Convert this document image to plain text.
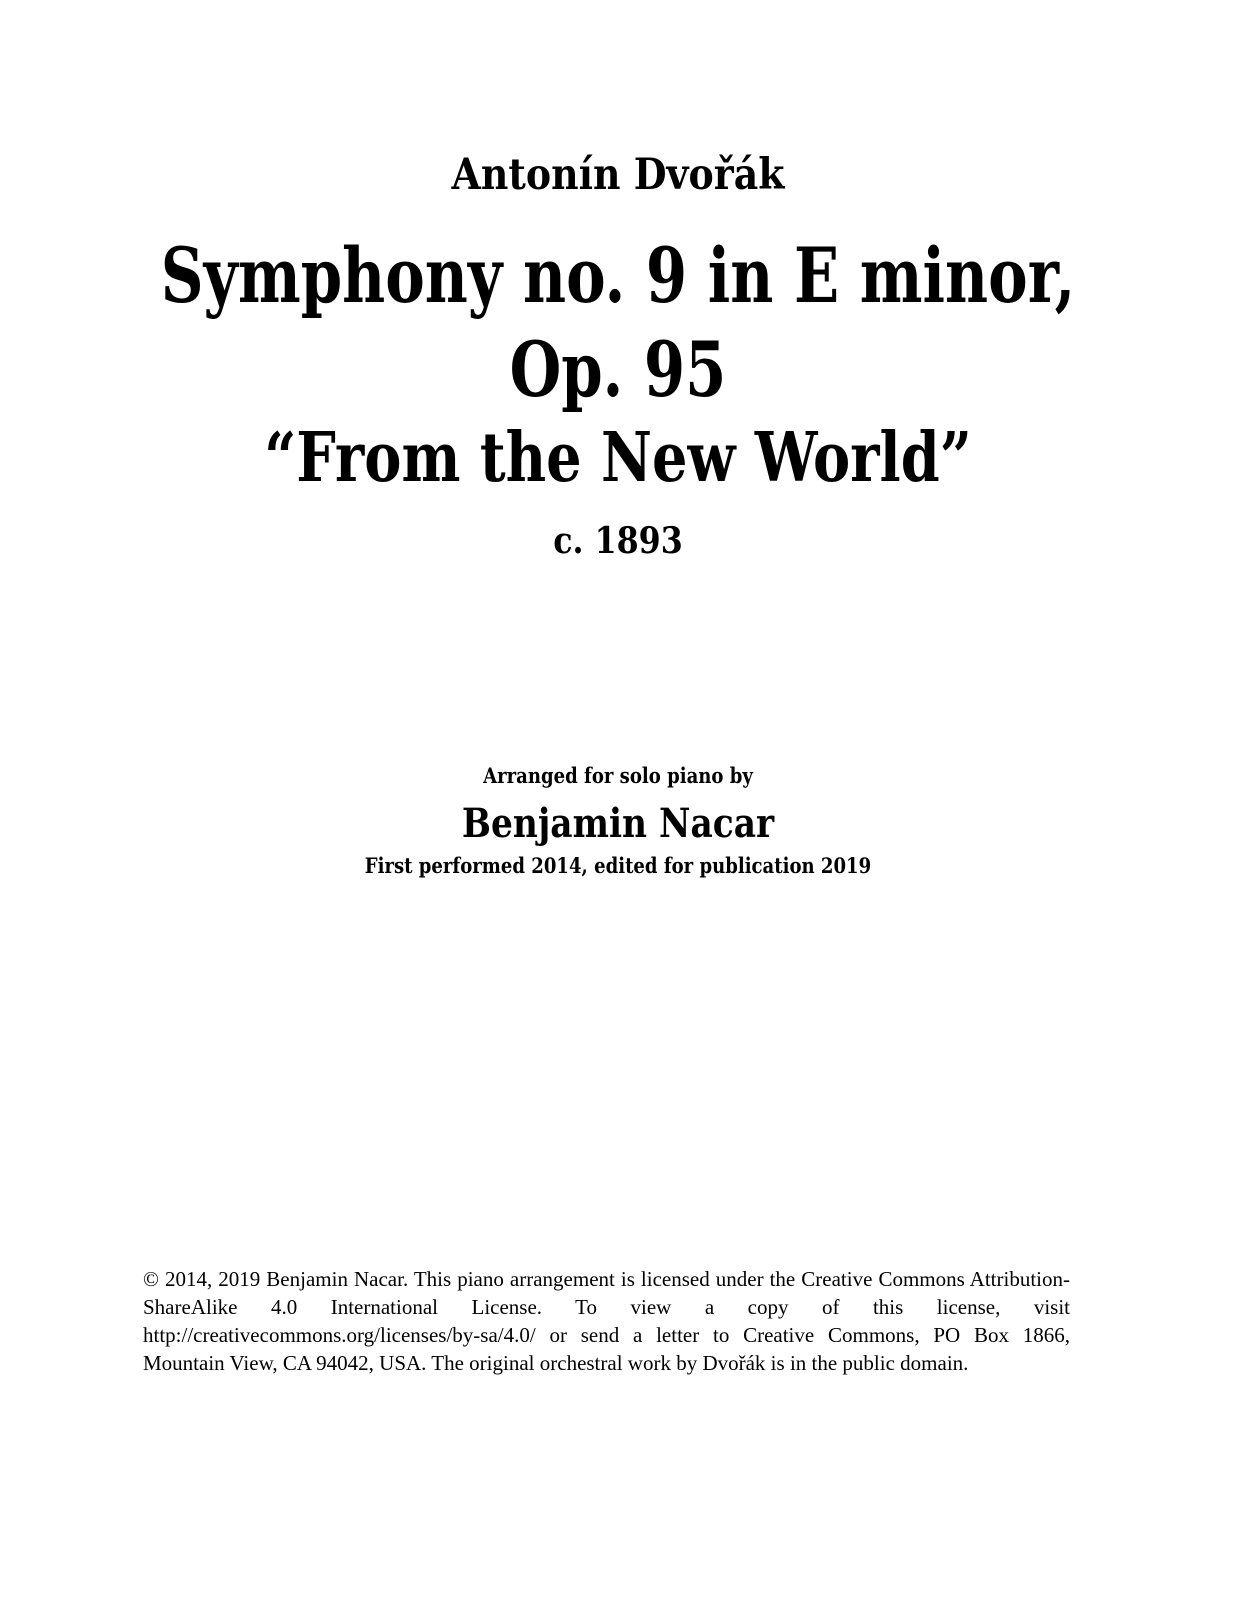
Antonín Dvořák
Symphony no. 9 in E minor,
Op. 95
“From the New World”
c. 1893
Arranged for solo piano by
Benjamin Nacar
First performed 2014, edited for publication 2019
© 2014, 2019 Benjamin Nacar. This piano arrangement is licensed under the Creative Commons Attribution-ShareAlike 4.0 International License. To view a copy of this license, visit http://creativecommons.org/licenses/by-sa/4.0/ or send a letter to Creative Commons, PO Box 1866, Mountain View, CA 94042, USA. The original orchestral work by Dvořák is in the public domain.
